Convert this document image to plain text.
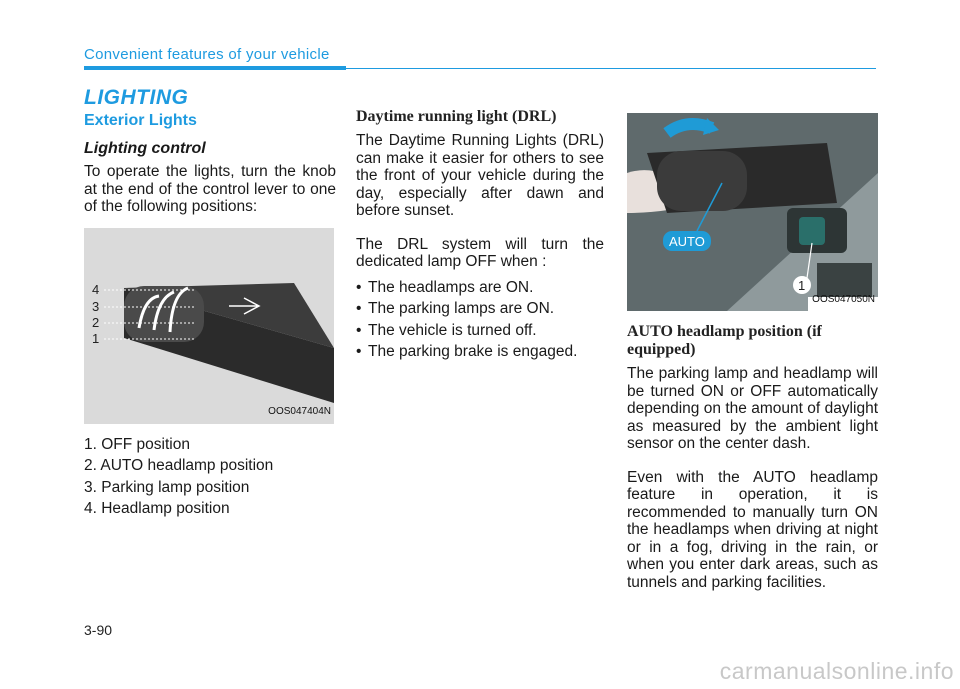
Convenient features of your vehicle
LIGHTING
Exterior Lights
Lighting control

To operate the lights, turn the knob at the end of the control lever to one of the following positions:

4
3
2
1
OOS047404N
1. OFF position
2. AUTO headlamp position
3. Parking lamp position
4. Headlamp position
Daytime running light (DRL)

The Daytime Running Lights (DRL) can make it easier for others to see the front of your vehicle during the day, especially after dawn and before sunset.

The DRL system will turn the dedicated lamp OFF when :

• The headlamps are ON.
• The parking lamps are ON.
• The vehicle is turned off.
• The parking brake is engaged.
AUTO
1
OOS047050N
AUTO headlamp position (if equipped)

The parking lamp and headlamp will be turned ON or OFF automatically depending on the amount of daylight as measured by the ambient light sensor on the center dash.

Even with the AUTO headlamp feature in operation, it is recommended to manually turn ON the headlamps when driving at night or in a fog, driving in the rain, or when you enter dark areas, such as tunnels and parking facilities.

3-90
carmanualsonline.info
